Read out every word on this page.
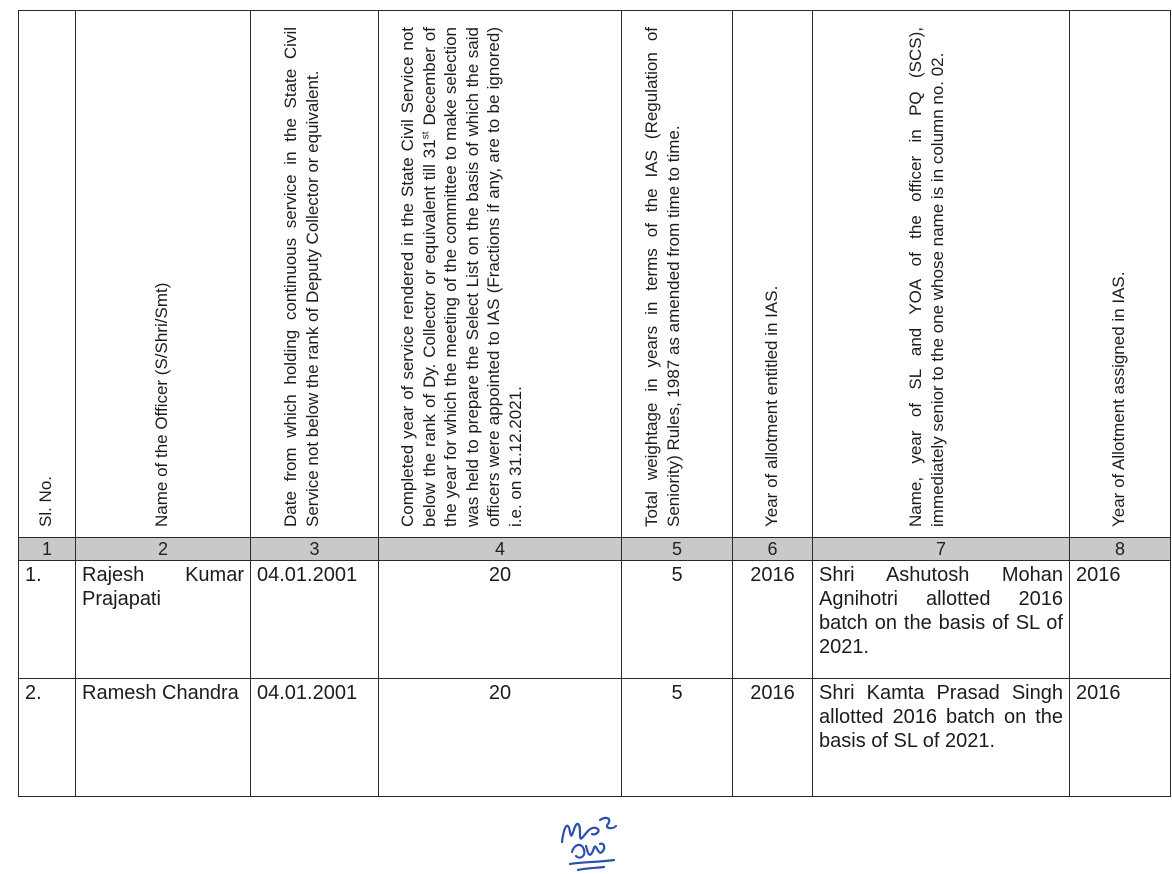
Sl. No.	Name of the Officer (S/Shri/Smt)	Date from which holding continuous service in the State Civil Service not below the rank of Deputy Collector or equivalent.	Completed year of service rendered in the State Civil Service not below the rank of Dy. Collector or equivalent till 31st December of the year for which the meeting of the committee to make selection was held to prepare the Select List on the basis of which the said officers were appointed to IAS (Fractions if any, are to be ignored) i.e. on 31.12.2021.	Total weightage in years in terms of the IAS (Regulation of Seniority) Rules, 1987 as amended from time to time.	Year of allotment entitled in IAS.	Name, year of SL and YOA of the officer in PQ (SCS), immediately senior to the one whose name is in column no. 02.	Year of Allotment assigned in IAS.

1	2	3	4	5	6	7	8
1.	Rajesh Kumar Prajapati	04.01.2001	20	5	2016	Shri Ashutosh Mohan Agnihotri allotted 2016 batch on the basis of SL of 2021.	2016
2.	Ramesh Chandra	04.01.2001	20	5	2016	Shri Kamta Prasad Singh allotted 2016 batch on the basis of SL of 2021.	2016
